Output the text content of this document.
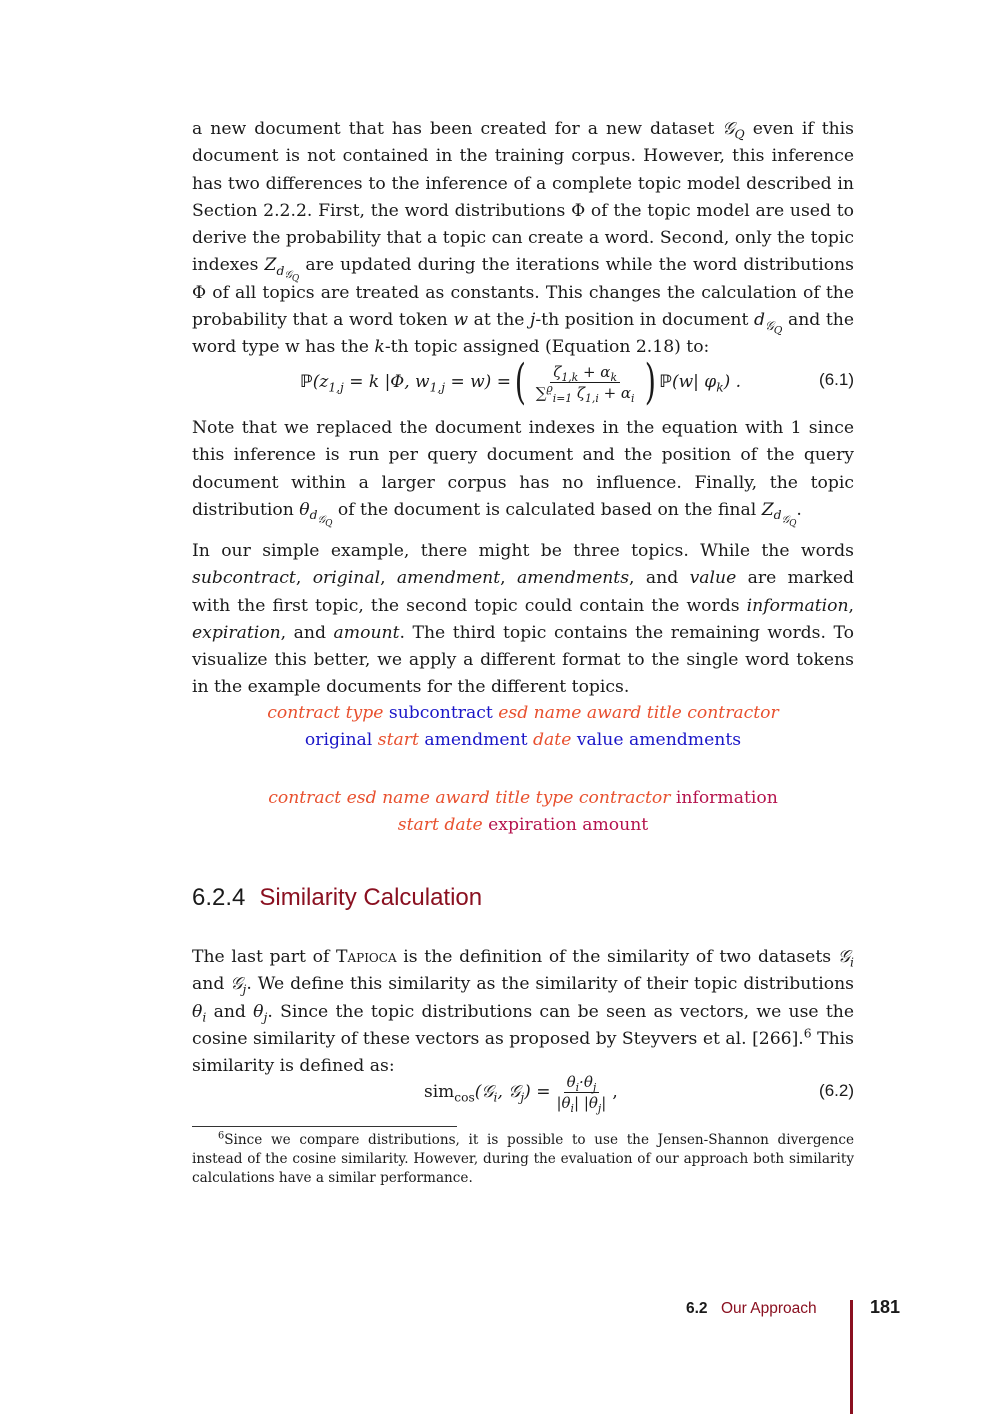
a new document that has been created for a new dataset 𝒢$_Q$ even if this document is not contained in the training corpus. However, this inference has two differences to the inference of a complete topic model described in Section 2.2.2. First, the word distributions Φ of the topic model are used to derive the probability that a topic can create a word. Second, only the topic indexes $Z_{d_{𝒢_Q}}$ are updated during the iterations while the word distributions Φ of all topics are treated as constants. This changes the calculation of the probability that a word token w at the j-th position in document $d_{𝒢_Q}$ and the word type w has the k-th topic assigned (Equation 2.18) to:

ℙ ($z_{1,j} = k$ |Φ, $w_{1,j} = w$) = ( $\frac{\zeta_{1,k} + \alpha_k}{\sum^ϱ_{i=1} \zeta_{1,i} + \alpha_i}$ ) ℙ (w| $\varphi_k$) .	(6.1)

Note that we replaced the document indexes in the equation with 1 since this inference is run per query document and the position of the query document within a larger corpus has no influence. Finally, the topic distribution $\theta_{d_{𝒢_Q}}$ of the document is calculated based on the final $Z_{d_{𝒢_Q}}$.

In our simple example, there might be three topics. While the words subcontract, original, amendment, amendments, and value are marked with the first topic, the second topic could contain the words information, expiration, and amount. The third topic contains the remaining words. To visualize this better, we apply a different format to the single word tokens in the example documents for the different topics.

contract type subcontract esd name award title contractor
original start amendment date value amendments
contract esd name award title type contractor information
start date expiration amount
6.2.4 Similarity Calculation

The last part of Tapioca is the definition of the similarity of two datasets 𝒢$_i$ and 𝒢$_j$. We define this similarity as the similarity of their topic distributions $\theta_i$ and $\theta_j$. Since the topic distributions can be seen as vectors, we use the cosine similarity of these vectors as proposed by Steyvers et al. [266].$^6$ This similarity is defined as:

sim$_{cos}$ (𝒢$_i$, 𝒢$_j$) = $\frac{\theta_i\cdot\theta_j}{|\theta_i| |\theta_j|}$ ,	(6.2)

$^6$Since we compare distributions, it is possible to use the Jensen-Shannon divergence instead of the cosine similarity. However, during the evaluation of our approach both similarity calculations have a similar performance.

6.2 Our Approach	181
